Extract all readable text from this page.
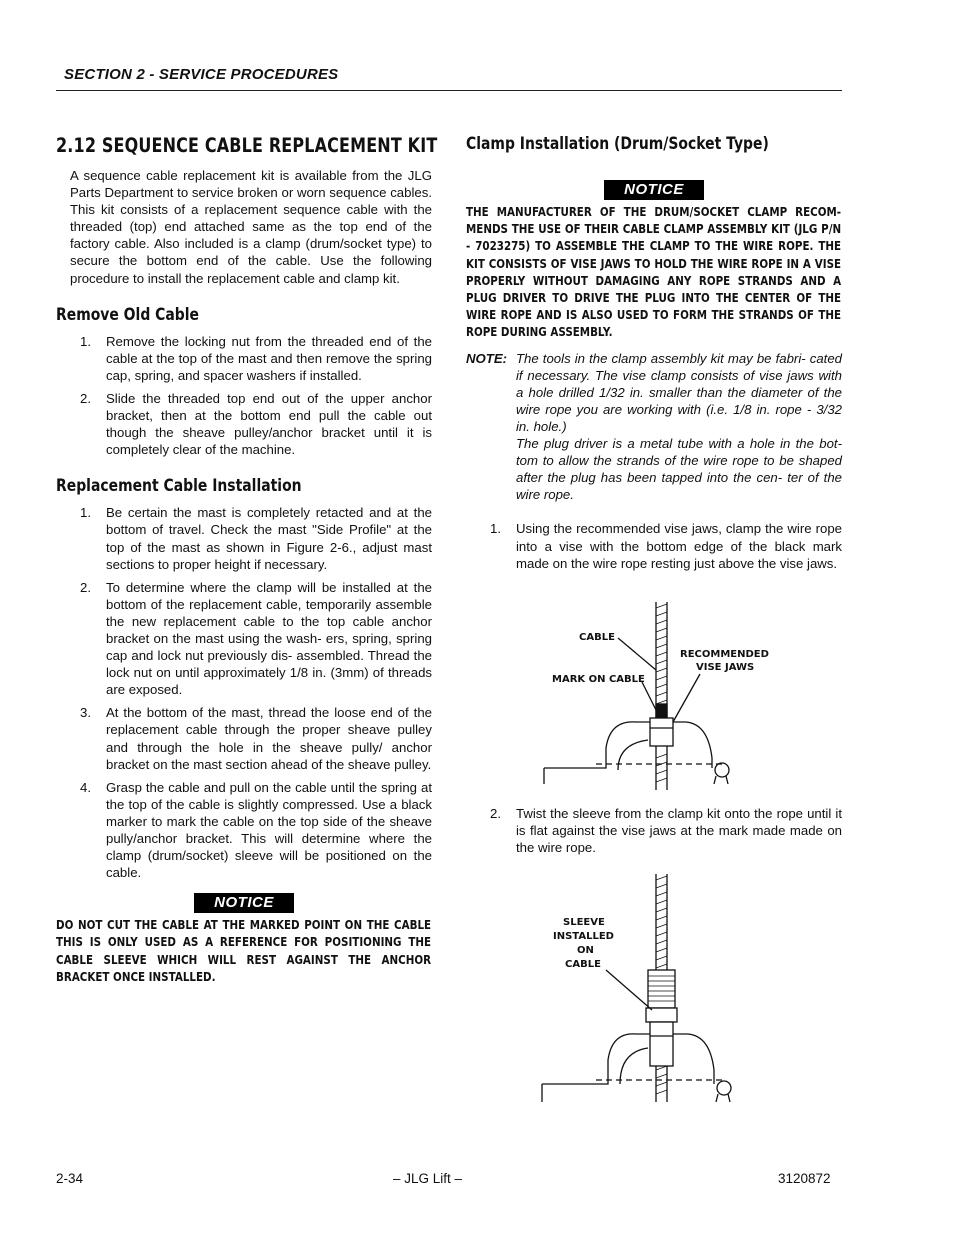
SECTION 2 - SERVICE PROCEDURES
2.12 SEQUENCE CABLE REPLACEMENT KIT

A sequence cable replacement kit is available from the JLG Parts Department to service broken or worn sequence cables. This kit consists of a replacement sequence cable with the threaded (top) end attached same as the top end of the factory cable. Also included is a clamp (drum/socket type) to secure the bottom end of the cable. Use the following procedure to install the replacement cable and clamp kit.

Remove Old Cable
1. Remove the locking nut from the threaded end of the cable at the top of the mast and then remove the spring cap, spring, and spacer washers if installed.
2. Slide the threaded top end out of the upper anchor bracket, then at the bottom end pull the cable out though the sheave pulley/anchor bracket until it is completely clear of the machine.
Replacement Cable Installation
1. Be certain the mast is completely retacted and at the bottom of travel. Check the mast "Side Profile" at the top of the mast as shown in Figure 2-6., adjust mast sections to proper height if necessary.
2. To determine where the clamp will be installed at the bottom of the replacement cable, temporarily assemble the new replacement cable to the top cable anchor bracket on the mast using the wash- ers, spring, spring cap and lock nut previously dis- assembled. Thread the lock nut on until approximately 1/8 in. (3mm) of threads are exposed.
3. At the bottom of the mast, thread the loose end of the replacement cable through the proper sheave pulley and through the hole in the sheave pully/ anchor bracket on the mast section ahead of the sheave pulley.
4. Grasp the cable and pull on the cable until the spring at the top of the cable is slightly compressed. Use a black marker to mark the cable on the top side of the sheave pully/anchor bracket. This will determine where the clamp (drum/socket) sleeve will be positioned on the cable.
NOTICE
DO NOT CUT THE CABLE AT THE MARKED POINT ON THE CABLE THIS IS ONLY USED AS A REFERENCE FOR POSITIONING THE CABLE SLEEVE WHICH WILL REST AGAINST THE ANCHOR BRACKET ONCE INSTALLED.
Clamp Installation (Drum/Socket Type)
NOTICE
THE MANUFACTURER OF THE DRUM/SOCKET CLAMP RECOM- MENDS THE USE OF THEIR CABLE CLAMP ASSEMBLY KIT (JLG P/N - 7023275) TO ASSEMBLE THE CLAMP TO THE WIRE ROPE. THE KIT CONSISTS OF VISE JAWS TO HOLD THE WIRE ROPE IN A VISE PROPERLY WITHOUT DAMAGING ANY ROPE STRANDS AND A PLUG DRIVER TO DRIVE THE PLUG INTO THE CENTER OF THE WIRE ROPE AND IS ALSO USED TO FORM THE STRANDS OF THE ROPE DURING ASSEMBLY.
NOTE: The tools in the clamp assembly kit may be fabri- cated if necessary. The vise clamp consists of vise jaws with a hole drilled 1/32 in. smaller than the diameter of the wire rope you are working with (i.e. 1/8 in. rope - 3/32 in. hole.)
The plug driver is a metal tube with a hole in the bot- tom to allow the strands of the wire rope to be shaped after the plug has been tapped into the cen- ter of the wire rope.
1. Using the recommended vise jaws, clamp the wire rope into a vise with the bottom edge of the black mark made on the wire rope resting just above the vise jaws.
CABLE
MARK ON CABLE
RECOMMENDED
VISE JAWS
2. Twist the sleeve from the clamp kit onto the rope until it is flat against the vise jaws at the mark made made on the wire rope.
SLEEVE
INSTALLED
ON
CABLE
2-34	– JLG Lift –	3120872
